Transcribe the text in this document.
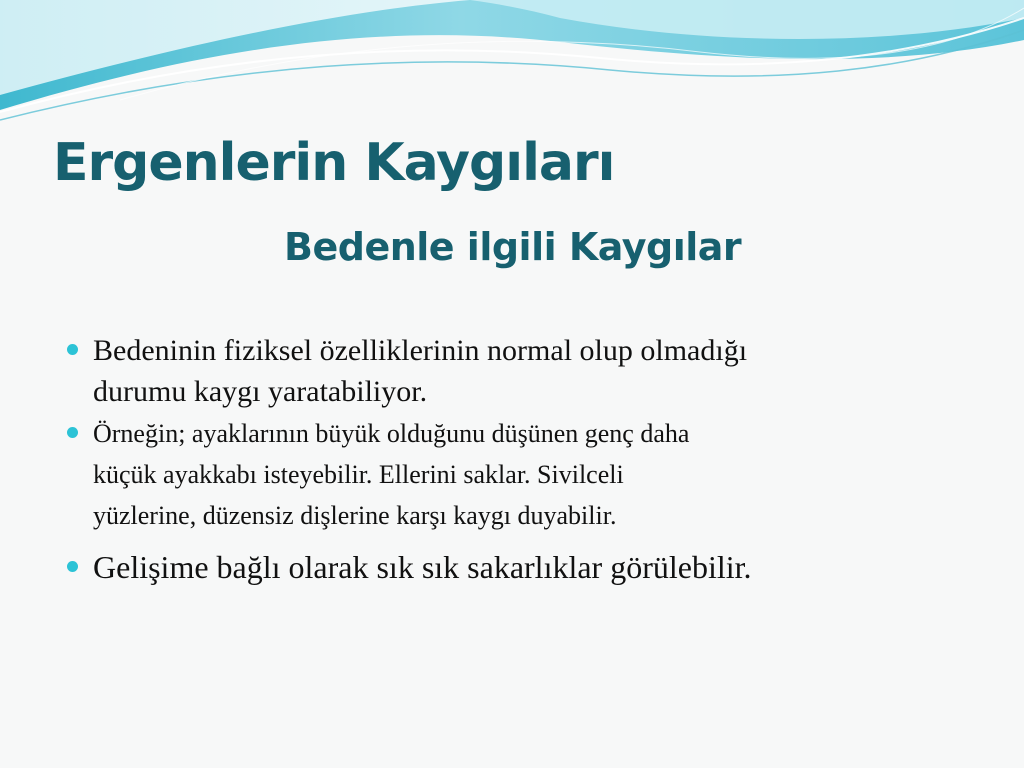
Ergenlerin Kaygıları
Bedenle ilgili Kaygılar
Bedeninin fiziksel özelliklerinin normal olup olmadığı
durumu kaygı yaratabiliyor.
Örneğin; ayaklarının büyük olduğunu düşünen genç daha
küçük ayakkabı isteyebilir. Ellerini saklar. Sivilceli
yüzlerine, düzensiz dişlerine karşı kaygı duyabilir.
Gelişime bağlı olarak sık sık sakarlıklar görülebilir.
